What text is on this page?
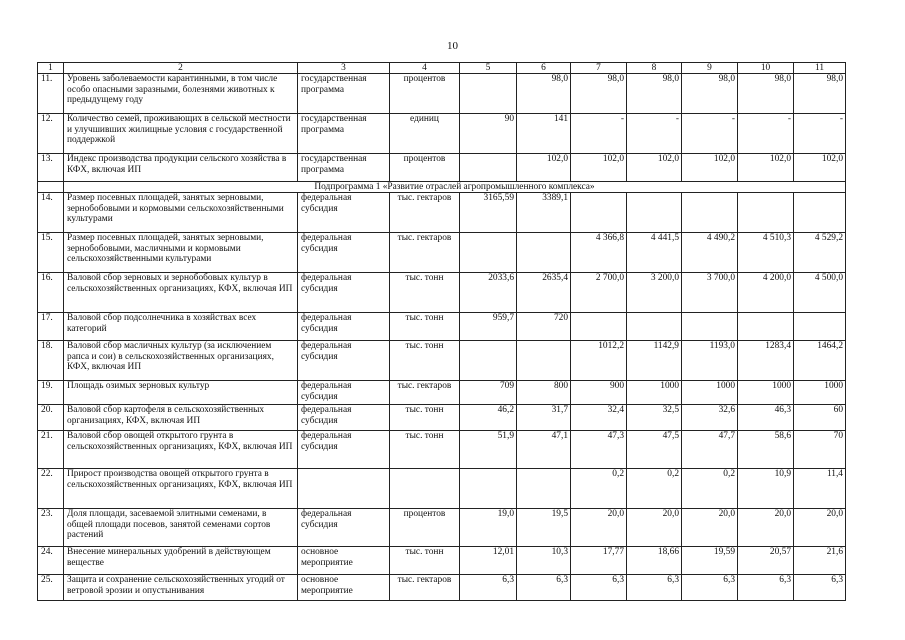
10
1	2	3	4	5	6	7	8	9	10	11
11.	Уровень заболеваемости карантинными, в том числе особо опасными заразными, болезнями животных к предыдущему году	государственная программа	процентов		98,0	98,0	98,0	98,0	98,0	98,0
12.	Количество семей, проживающих в сельской местности и улучшивших жилищные условия с государственной поддержкой	государственная программа	единиц	90	141	-	-	-	-	-
13.	Индекс производства продукции сельского хозяйства в КФХ, включая ИП	государственная программа	процентов		102,0	102,0	102,0	102,0	102,0	102,0
	Подпрограмма 1 «Развитие отраслей агропромышленного комплекса»									
14.	Размер посевных площадей, занятых зерновыми, зернобобовыми и кормовыми сельскохозяйственными культурами	федеральная субсидия	тыс. гектаров	3165,59	3389,1					
15.	Размер посевных площадей, занятых зерновыми, зернобобовыми, масличными и кормовыми сельскохозяйственными культурами	федеральная субсидия	тыс. гектаров			4 366,8	4 441,5	4 490,2	4 510,3	4 529,2
16.	Валовой сбор зерновых и зернобобовых культур в сельскохозяйственных организациях, КФХ, включая ИП	федеральная субсидия	тыс. тонн	2033,6	2635,4	2 700,0	3 200,0	3 700,0	4 200,0	4 500,0
17.	Валовой сбор подсолнечника в хозяйствах всех категорий	федеральная субсидия	тыс. тонн	959,7	720					
18.	Валовой сбор масличных культур (за исключением рапса и сои) в сельскохозяйственных организациях, КФХ, включая ИП	федеральная субсидия	тыс. тонн			1012,2	1142,9	1193,0	1283,4	1464,2
19.	Площадь озимых зерновых культур	федеральная субсидия	тыс. гектаров	709	800	900	1000	1000	1000	1000
20.	Валовой сбор картофеля в сельскохозяйственных организациях, КФХ, включая ИП	федеральная субсидия	тыс. тонн	46,2	31,7	32,4	32,5	32,6	46,3	60
21.	Валовой сбор овощей открытого грунта в сельскохозяйственных организациях, КФХ, включая ИП	федеральная субсидия	тыс. тонн	51,9	47,1	47,3	47,5	47,7	58,6	70
22.	Прирост производства овощей открытого грунта в сельскохозяйственных организациях, КФХ, включая ИП					0,2	0,2	0,2	10,9	11,4
23.	Доля площади, засеваемой элитными семенами, в общей площади посевов, занятой семенами сортов растений	федеральная субсидия	процентов	19,0	19,5	20,0	20,0	20,0	20,0	20,0
24.	Внесение минеральных удобрений в действующем веществе	основное мероприятие	тыс. тонн	12,01	10,3	17,77	18,66	19,59	20,57	21,6
25.	Защита и сохранение сельскохозяйственных угодий от ветровой эрозии и опустынивания	основное мероприятие	тыс. гектаров	6,3	6,3	6,3	6,3	6,3	6,3	6,3
